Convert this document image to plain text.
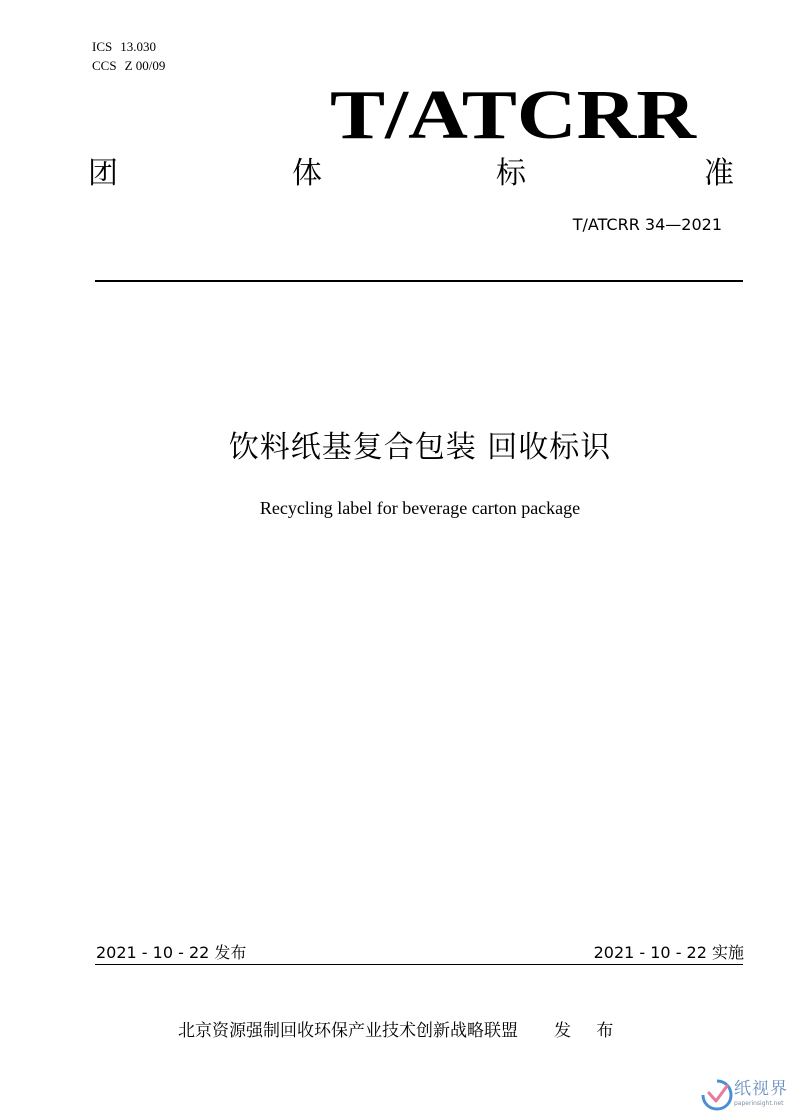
ICS 13.030
CCS Z 00/09
T/ATCRR
团	体	标	准
T/ATCRR 34—2021
饮料纸基复合包装 回收标识
Recycling label for beverage carton package
2021 - 10 - 22 发布	2021 - 10 - 22 实施
北京资源强制回收环保产业技术创新战略联盟 发 布
纸视界
paperinsight.net
